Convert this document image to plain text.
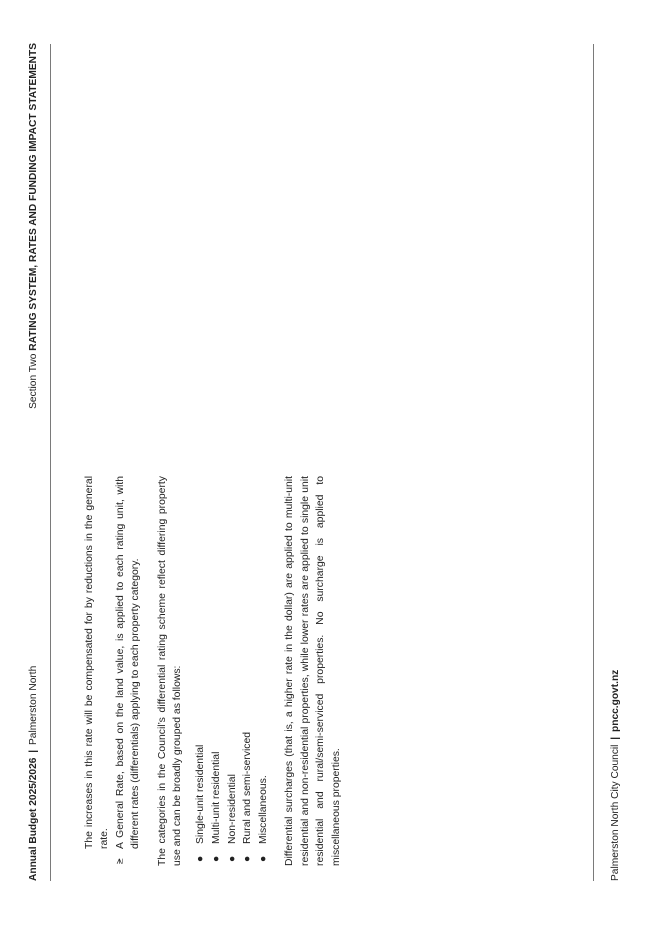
Annual Budget 2025/2026 | Palmerston North
Section Two RATING SYSTEM, RATES AND FUNDING IMPACT STATEMENTS

The increases in this rate will be compensated for by reductions in the general rate.

⪭

A General Rate, based on the land value, is applied to each rating unit, with different rates (differentials) applying to each property category. The categories in the Council’s differential rating scheme reflect differing property use and can be broadly grouped as follows: ●
Single-unit residential
●
Multi-unit residential
●
Non-residential
●
Rural and semi-serviced
●
Miscellaneous. Differential surcharges (that is, a higher rate in the dollar) are applied to multi-unit residential and non-residential properties, while lower rates are applied to single unit residential and rural/semi-serviced properties. No surcharge is applied to miscellaneous properties.	Palmerston North City Council | pncc.govt.nz
